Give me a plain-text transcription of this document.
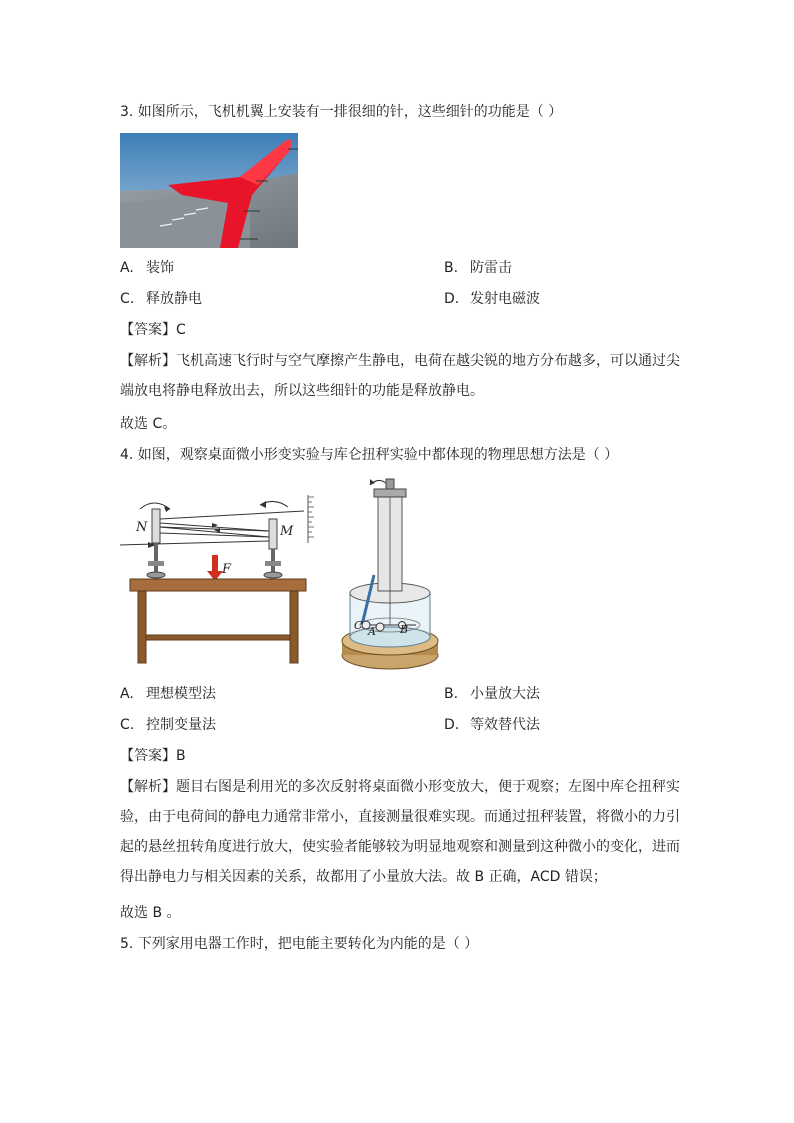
3. 如图所示，飞机机翼上安装有一排很细的针，这些细针的功能是（ ）
A. 装饰	B. 防雷击
C. 释放静电	D. 发射电磁波
【答案】C
【解析】飞机高速飞行时与空气摩擦产生静电，电荷在越尖锐的地方分布越多，可以通过尖端放电将静电释放出去，所以这些细针的功能是释放静电。
故选 C。
4. 如图，观察桌面微小形变实验与库仑扭秤实验中都体现的物理思想方法是（ ）
N	M
F
A B
C
A. 理想模型法	B. 小量放大法
C. 控制变量法	D. 等效替代法
【答案】B
【解析】题目右图是利用光的多次反射将桌面微小形变放大，便于观察；左图中库仑扭秤实验，由于电荷间的静电力通常非常小，直接测量很难实现。而通过扭秤装置，将微小的力引起的悬丝扭转角度进行放大，使实验者能够较为明显地观察和测量到这种微小的变化，进而得出静电力与相关因素的关系，故都用了小量放大法。故 B 正确，ACD 错误；
故选 B 。
5. 下列家用电器工作时，把电能主要转化为内能的是（ ）
